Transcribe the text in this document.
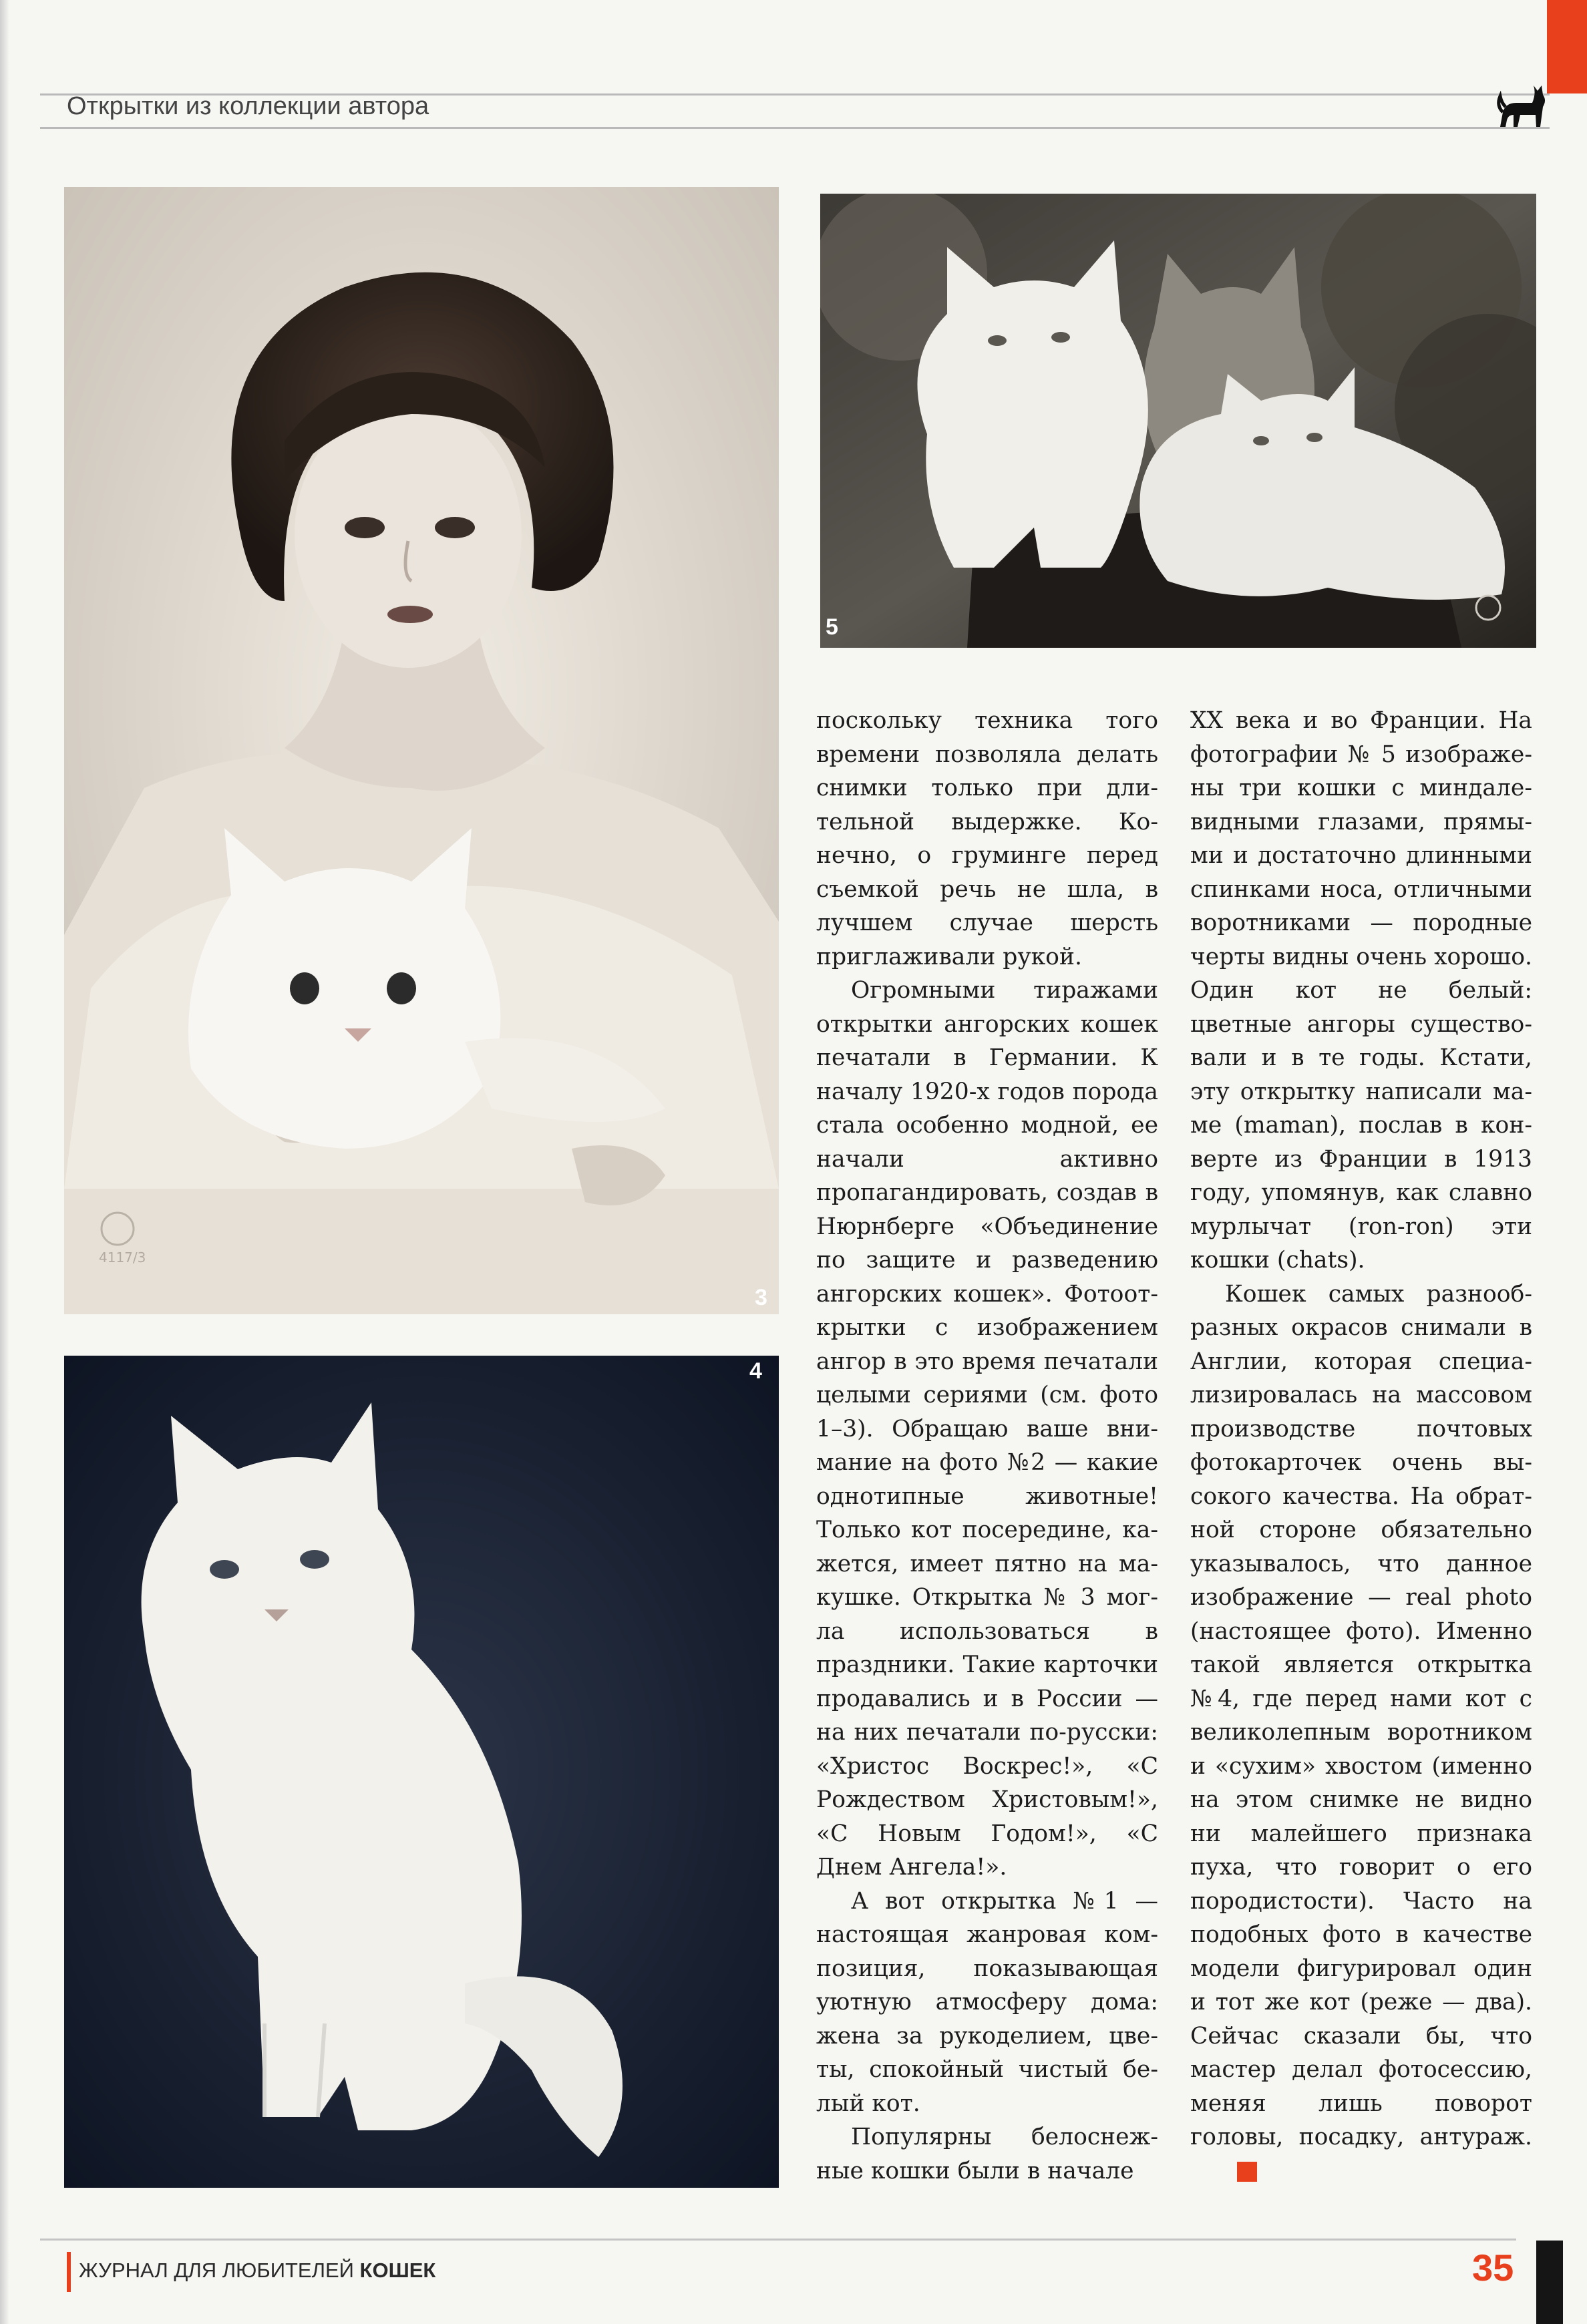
Открытки из коллекции автора
4117/3
3
4
5

поскольку техника того времени позволяла делать снимки только при длительной выдержке. Конечно, о груминге перед съемкой речь не шла, в лучшем случае шерсть приглаживали рукой.

Огромными тиражами открытки ангорских кошек печатали в Германии. К началу 1920-х годов порода стала особенно модной, ее начали активно пропагандировать, создав в Нюрнберге «Объединение по защите и разведению ангорских кошек». Фотооткрытки с изображением ангор в это время печатали целыми сериями (см. фото 1–3). Обращаю ваше внимание на фото №2 — какие однотипные животные! Только кот посередине, кажется, имеет пятно на макушке. Открытка № 3 могла использоваться в праздники. Такие карточки продавались и в России — на них печатали по-русски: «Христос Воскрес!», «С Рождеством Христовым!», «С Новым Годом!», «С Днем Ангела!».

А вот открытка №1 — настоящая жанровая композиция, показывающая уютную атмосферу дома: жена за рукоделием, цветы, спокойный чистый белый кот.

Популярны белоснежные кошки были в начале

XX века и во Франции. На фотографии № 5 изображены три кошки с миндалевидными глазами, прямыми и достаточно длинными спинками носа, отличными воротниками — породные черты видны очень хорошо. Один кот не белый: цветные ангоры существовали и в те годы. Кстати, эту открытку написали маме (maman), послав в конверте из Франции в 1913 году, упомянув, как славно мурлычат (ron-ron) эти кошки (chats).

Кошек самых разнообразных окрасов снимали в Англии, которая специализировалась на массовом производстве почтовых фотокарточек очень высокого качества. На обратной стороне обязательно указывалось, что данное изображение — real photo (настоящее фото). Именно такой является открытка №4, где перед нами кот с великолепным воротником и «сухим» хвостом (именно на этом снимке не видно ни малейшего признака пуха, что говорит о его породистости). Часто на подобных фото в качестве модели фигурировал один и тот же кот (реже — два). Сейчас сказали бы, что мастер делал фотосессию, меняя лишь поворот головы, посадку, антураж.

ЖУРНАЛ ДЛЯ ЛЮБИТЕЛЕЙ КОШЕК	35
